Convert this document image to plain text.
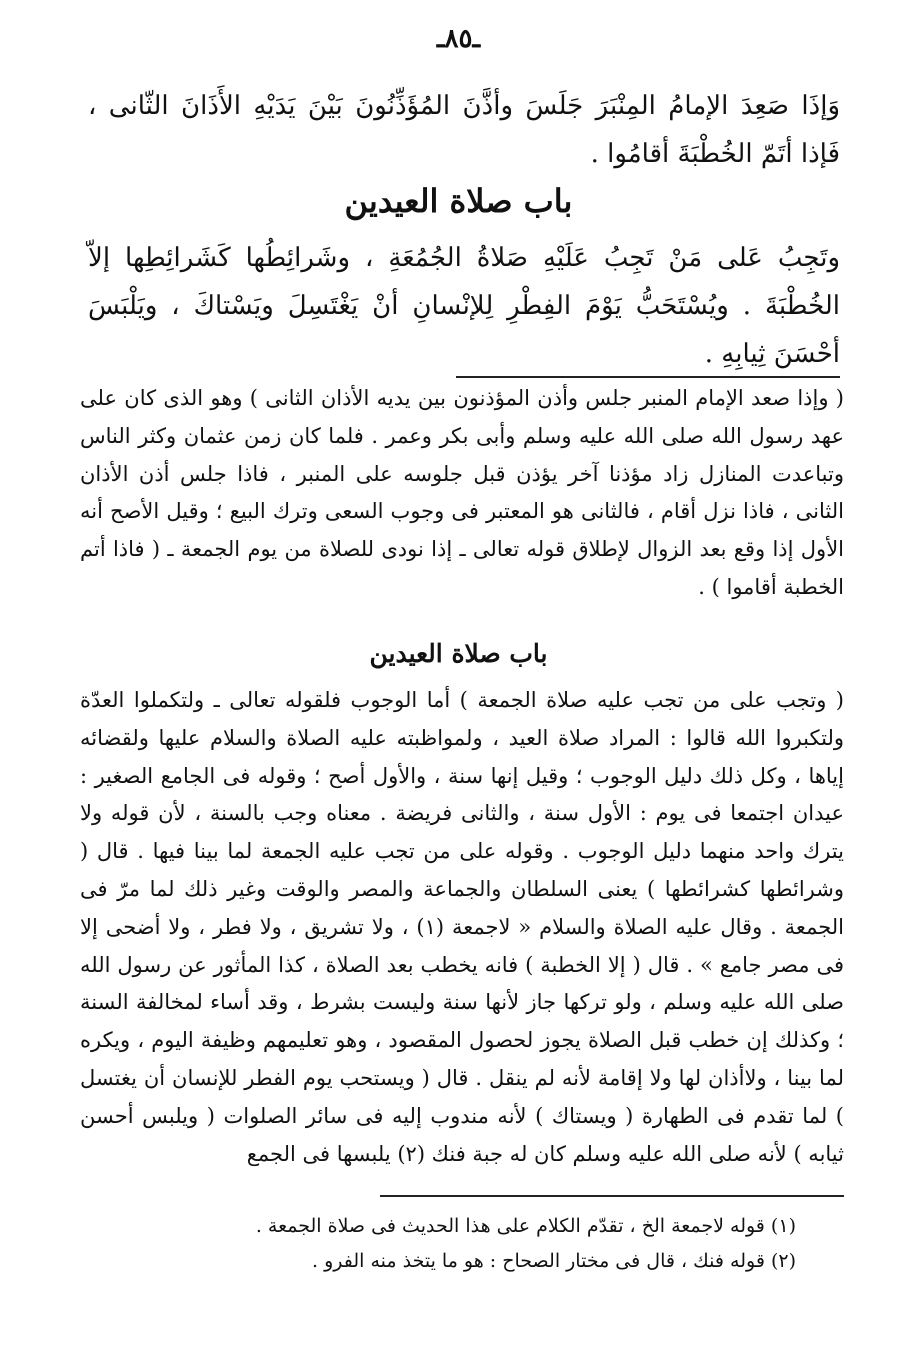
ـ٨٥ـ

وَإذَا صَعِدَ الإمامُ المِنْبَرَ جَلَسَ وأذَّنَ المُؤَذِّنُونَ بَيْنَ يَدَيْهِ الأَذَانَ الثّانى ، فَإذا أتَمّ الخُطْبَةَ أقامُوا .

باب صلاة العيدين

وتَجِبُ عَلى مَنْ تَجِبُ عَلَيْهِ صَلاةُ الجُمُعَةِ ، وشَرائِطُها كَشَرائِطِها إلاّ الخُطْبَةَ . ويُسْتَحَبُّ يَوْمَ الفِطْرِ لِلإنْسانِ أنْ يَغْتَسِلَ ويَسْتاكَ ، ويَلْبَسَ أحْسَنَ ثِيابِهِ .

( وإذا صعد الإمام المنبر جلس وأذن المؤذنون بين يديه الأذان الثانى ) وهو الذى كان على عهد رسول الله صلى الله عليه وسلم وأبى بكر وعمر . فلما كان زمن عثمان وكثر الناس وتباعدت المنازل زاد مؤذنا آخر يؤذن قبل جلوسه على المنبر ، فاذا جلس أذن الأذان الثانى ، فاذا نزل أقام ، فالثانى هو المعتبر فى وجوب السعى وترك البيع ؛ وقيل الأصح أنه الأول إذا وقع بعد الزوال لإطلاق قوله تعالى ـ إذا نودى للصلاة من يوم الجمعة ـ ( فاذا أتم الخطبة أقاموا ) .

باب صلاة العيدين

( وتجب على من تجب عليه صلاة الجمعة ) أما الوجوب فلقوله تعالى ـ ولتكملوا العدّة ولتكبروا الله قالوا : المراد صلاة العيد ، ولمواظبته عليه الصلاة والسلام عليها ولقضائه إياها ، وكل ذلك دليل الوجوب ؛ وقيل إنها سنة ، والأول أصح ؛ وقوله فى الجامع الصغير : عيدان اجتمعا فى يوم : الأول سنة ، والثانى فريضة . معناه وجب بالسنة ، لأن قوله ولا يترك واحد منهما دليل الوجوب . وقوله على من تجب عليه الجمعة لما بينا فيها . قال ( وشرائطها كشرائطها ) يعنى السلطان والجماعة والمصر والوقت وغير ذلك لما مرّ فى الجمعة . وقال عليه الصلاة والسلام « لاجمعة (١) ، ولا تشريق ، ولا فطر ، ولا أضحى إلا فى مصر جامع » . قال ( إلا الخطبة ) فانه يخطب بعد الصلاة ، كذا المأثور عن رسول الله صلى الله عليه وسلم ، ولو تركها جاز لأنها سنة وليست بشرط ، وقد أساء لمخالفة السنة ؛ وكذلك إن خطب قبل الصلاة يجوز لحصول المقصود ، وهو تعليمهم وظيفة اليوم ، ويكره لما بينا ، ولاأذان لها ولا إقامة لأنه لم ينقل . قال ( ويستحب يوم الفطر للإنسان أن يغتسل ) لما تقدم فى الطهارة ( ويستاك ) لأنه مندوب إليه فى سائر الصلوات ( ويلبس أحسن ثيابه ) لأنه صلى الله عليه وسلم كان له جبة فنك (٢) يلبسها فى الجمع

(١) قوله لاجمعة الخ ، تقدّم الكلام على هذا الحديث فى صلاة الجمعة .
(٢) قوله فنك ، قال فى مختار الصحاح : هو ما يتخذ منه الفرو .
